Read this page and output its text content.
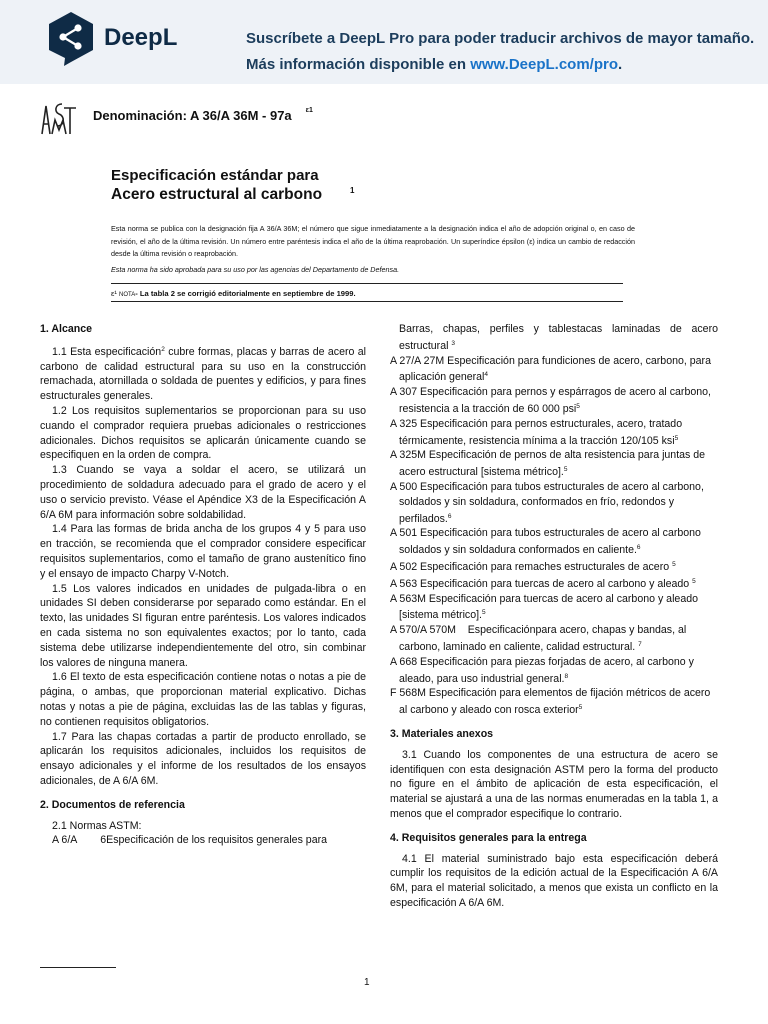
DeepL	Suscríbete a DeepL Pro para poder traducir archivos de mayor tamaño.
Más información disponible en www.DeepL.com/pro.
ASTM
Denominación: A 36/A 36M - 97a $^{\varepsilon 1}$
Especificación estándar para
Acero estructural al carbono	1
Esta norma se publica con la designación fija A 36/A 36M; el número que sigue inmediatamente a la designación indica el año de adopción original o, en caso de revisión, el año de la última revisión. Un número entre paréntesis indica el año de la última reaprobación. Un superíndice épsilon (ε) indica un cambio de redacción desde la última revisión o reaprobación.
Esta norma ha sido aprobada para su uso por las agencias del Departamento de Defensa.
ε¹ NOTA- La tabla 2 se corrigió editorialmente en septiembre de 1999.

1. Alcance

1.1 Esta especificación$^2$ cubre formas, placas y barras de acero al carbono de calidad estructural para su uso en la construcción remachada, atornillada o soldada de puentes y edificios, y para fines estructurales generales.

1.2 Los requisitos suplementarios se proporcionan para su uso cuando el comprador requiera pruebas adicionales o restricciones adicionales. Dichos requisitos se aplicarán únicamente cuando se especifiquen en la orden de compra.

1.3 Cuando se vaya a soldar el acero, se utilizará un procedimiento de soldadura adecuado para el grado de acero y el uso o servicio previsto. Véase el Apéndice X3 de la Especificación A 6/A 6M para información sobre soldabilidad.

1.4 Para las formas de brida ancha de los grupos 4 y 5 para uso en tracción, se recomienda que el comprador considere especificar requisitos suplementarios, como el tamaño de grano austenítico fino y el ensayo de impacto Charpy V-Notch.

1.5 Los valores indicados en unidades de pulgada-libra o en unidades SI deben considerarse por separado como estándar. En el texto, las unidades SI figuran entre paréntesis. Los valores indicados en cada sistema no son equivalentes exactos; por lo tanto, cada sistema debe utilizarse independientemente del otro, sin combinar los valores de ninguna manera.

1.6 El texto de esta especificación contiene notas o notas a pie de página, o ambas, que proporcionan material explicativo. Dichas notas y notas a pie de página, excluidas las de las tablas y figuras, no contienen requisitos obligatorios.

1.7 Para las chapas cortadas a partir de producto enrollado, se aplicarán los requisitos adicionales, incluidos los requisitos de ensayo adicionales y el informe de los resultados de los ensayos adicionales, de A 6/A 6M.

2. Documentos de referencia

2.1 Normas ASTM:

A 6/A        6Especificación de los requisitos generales para

Barras, chapas, perfiles y tablestacas laminadas de acero estructural $^3$

A 27/A 27M Especificación para fundiciones de acero, carbono, para aplicación general$^4$

A 307 Especificación para pernos y espárragos de acero al carbono, resistencia a la tracción de 60 000 psi$^5$

A 325 Especificación para pernos estructurales, acero, tratado térmicamente, resistencia mínima a la tracción 120/105 ksi$^5$

A 325M Especificación de pernos de alta resistencia para juntas de acero estructural [sistema métrico].$^5$

A 500 Especificación para tubos estructurales de acero al carbono, soldados y sin soldadura, conformados en frío, redondos y perfilados.$^6$

A 501 Especificación para tubos estructurales de acero al carbono soldados y sin soldadura conformados en caliente.$^6$

A 502 Especificación para remaches estructurales de acero $^5$

A 563 Especificación para tuercas de acero al carbono y aleado $^5$

A 563M Especificación para tuercas de acero al carbono y aleado [sistema métrico].$^5$

A 570/A 570M    Especificaciónpara acero, chapas y bandas, al carbono, laminado en caliente, calidad estructural. $^7$

A 668 Especificación para piezas forjadas de acero, al carbono y aleado, para uso industrial general.$^8$

F 568M Especificación para elementos de fijación métricos de acero al carbono y aleado con rosca exterior$^5$

3. Materiales anexos

3.1 Cuando los componentes de una estructura de acero se identifiquen con esta designación ASTM pero la forma del producto no figure en el ámbito de aplicación de esta especificación, el material se ajustará a una de las normas enumeradas en la tabla 1, a menos que el comprador especifique lo contrario.

4. Requisitos generales para la entrega

4.1 El material suministrado bajo esta especificación deberá cumplir los requisitos de la edición actual de la Especificación A 6/A 6M, para el material solicitado, a menos que exista un conflicto en la especificación A 6/A 6M.

1
